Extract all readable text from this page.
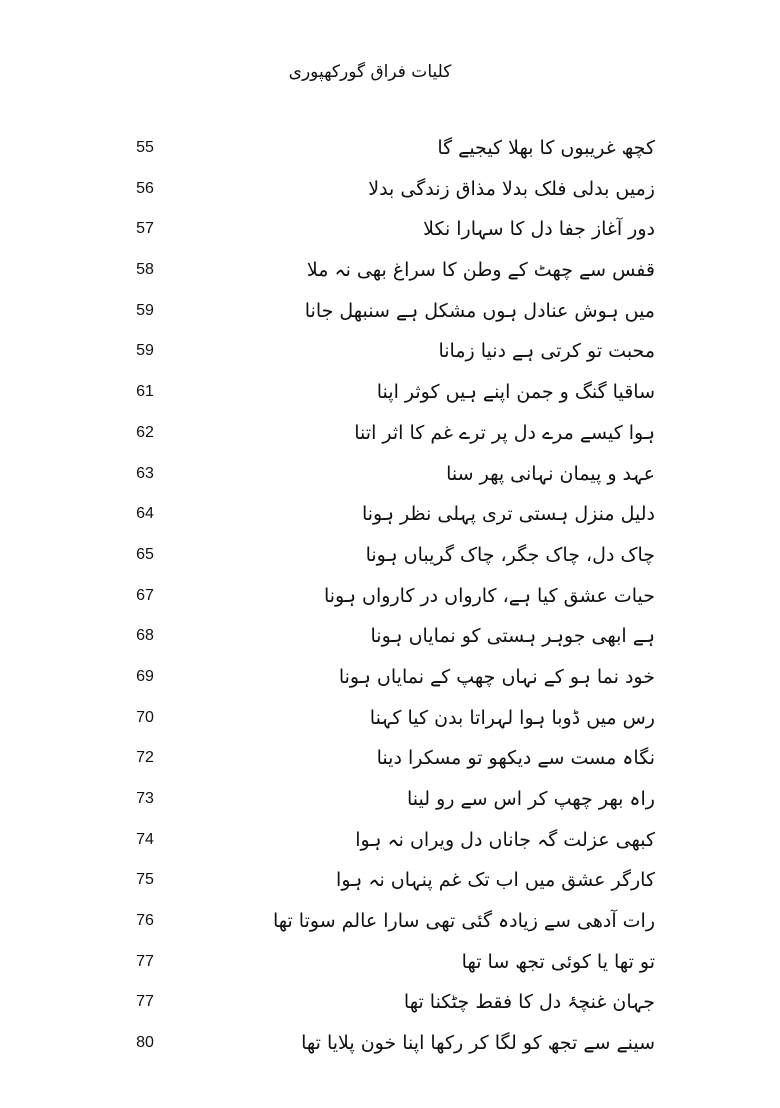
کلیات فراق گورکھپوری
کچھ غریبوں کا بھلا کیجیے گا
55
زمیں بدلی فلک بدلا مذاق زندگی بدلا
56
دور آغاز جفا دل کا سہارا نکلا
57
قفس سے چھٹ کے وطن کا سراغ بھی نہ ملا
58
میں ہوش عنادل ہوں مشکل ہے سنبھل جانا
59
محبت تو کرتی ہے دنیا زمانا
59
ساقیا گنگ و جمن اپنے ہیں کوثر اپنا
61
ہوا کیسے مرے دل پر ترے غم کا اثر اتنا
62
عہد و پیمان نہانی پھر سنا
63
دلیل منزل ہستی تری پہلی نظر ہونا
64
چاک دل، چاک جگر، چاک گریباں ہونا
65
حیات عشق کیا ہے، کارواں در کارواں ہونا
67
ہے ابھی جوہر ہستی کو نمایاں ہونا
68
خود نما ہو کے نہاں چھپ کے نمایاں ہونا
69
رس میں ڈوبا ہوا لہراتا بدن کیا کہنا
70
نگاہ مست سے دیکھو تو مسکرا دینا
72
راہ بھر چھپ کر اس سے رو لینا
73
کبھی عزلت گہ جاناں دل ویراں نہ ہوا
74
کارگر عشق میں اب تک غم پنہاں نہ ہوا
75
رات آدھی سے زیادہ گئی تھی سارا عالم سوتا تھا
76
تو تھا یا کوئی تجھ سا تھا
77
جہان غنچۂ دل کا فقط چٹکنا تھا
77
سینے سے تجھ کو لگا کر رکھا اپنا خون پلایا تھا
80
